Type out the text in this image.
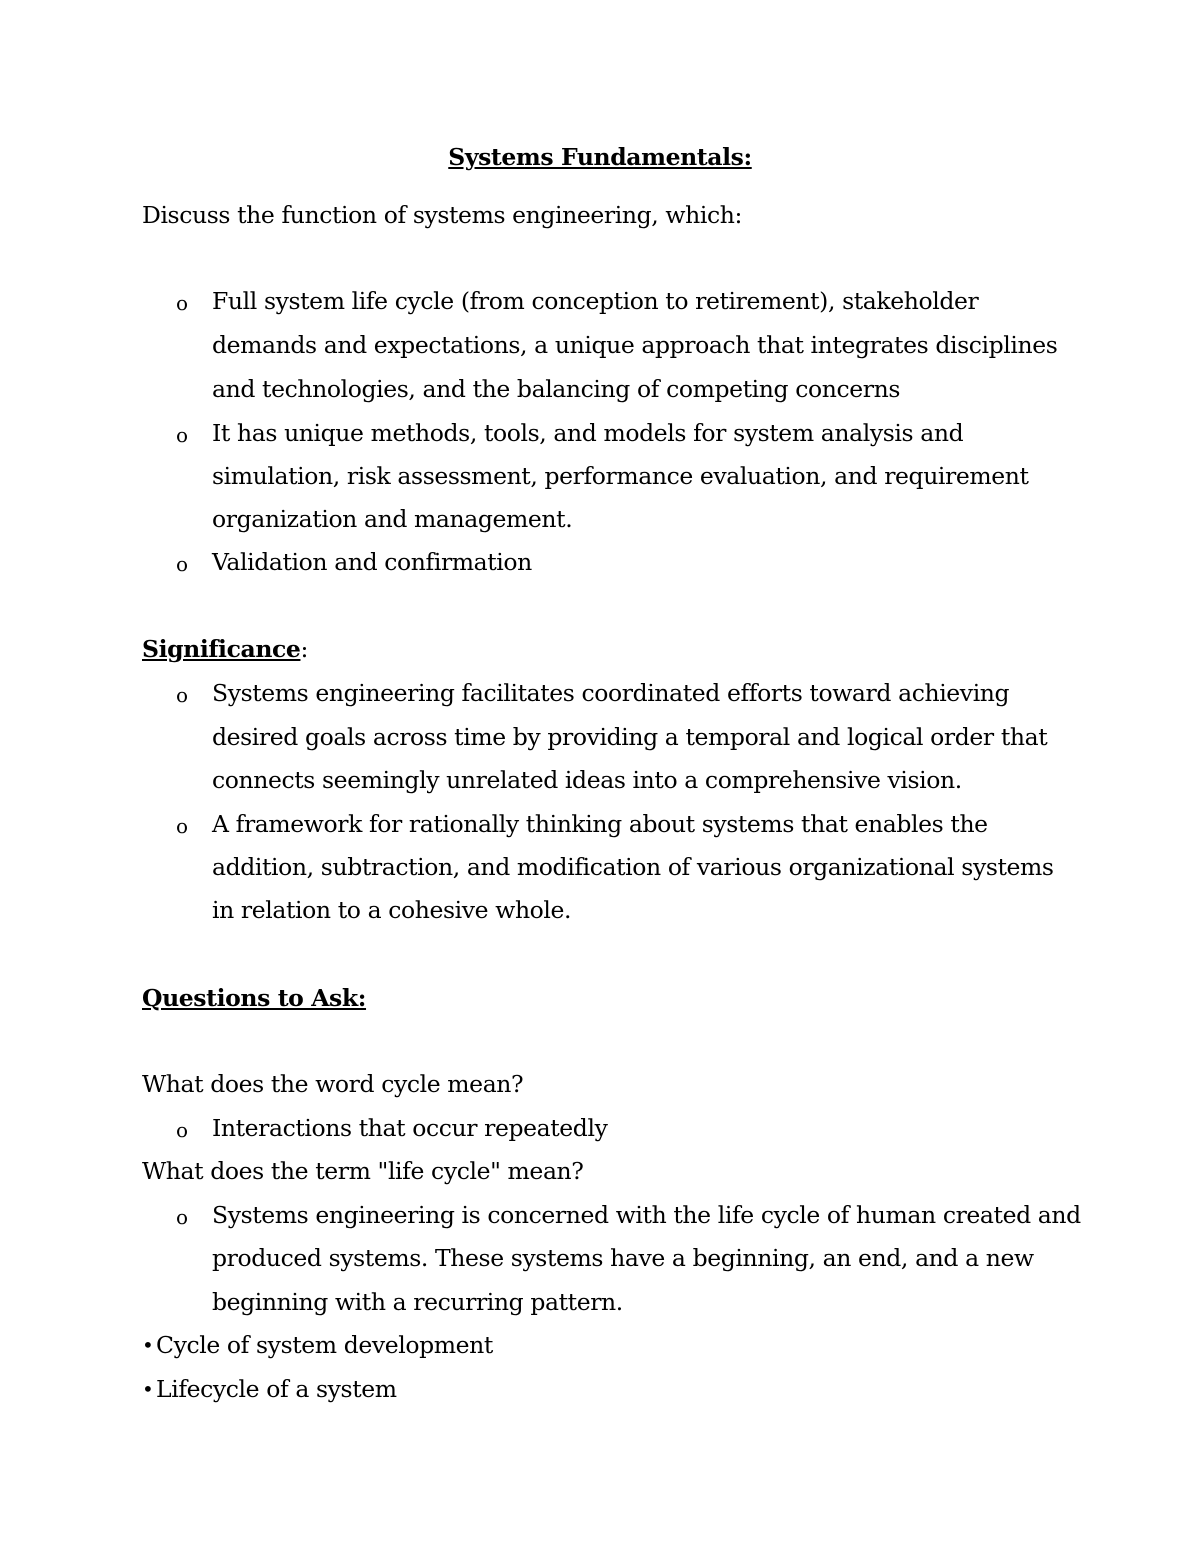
Systems Fundamentals:
Discuss the function of systems engineering, which:
o Full system life cycle (from conception to retirement), stakeholder
demands and expectations, a unique approach that integrates disciplines
and technologies, and the balancing of competing concerns
o It has unique methods, tools, and models for system analysis and
simulation, risk assessment, performance evaluation, and requirement
organization and management.
o Validation and confirmation
Significance:
o Systems engineering facilitates coordinated efforts toward achieving
desired goals across time by providing a temporal and logical order that
connects seemingly unrelated ideas into a comprehensive vision.
o A framework for rationally thinking about systems that enables the
addition, subtraction, and modification of various organizational systems
in relation to a cohesive whole.
Questions to Ask:
What does the word cycle mean?
o Interactions that occur repeatedly
What does the term "life cycle" mean?
o Systems engineering is concerned with the life cycle of human created and
produced systems. These systems have a beginning, an end, and a new
beginning with a recurring pattern.
• Cycle of system development
• Lifecycle of a system
